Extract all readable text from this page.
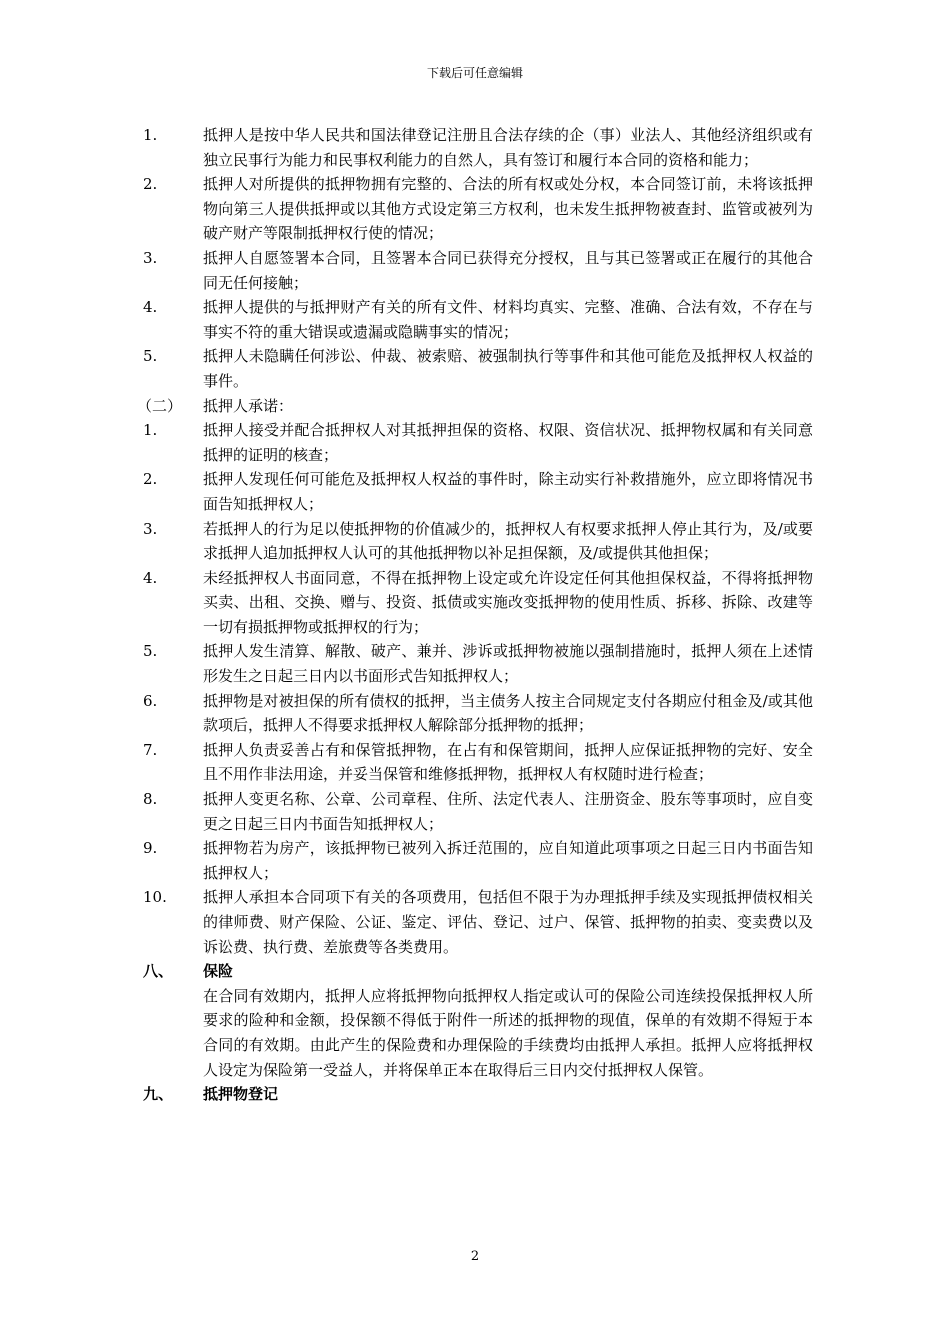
下载后可任意编辑
1.	抵押人是按中华人民共和国法律登记注册且合法存续的企（事）业法人、其他经济组织或有独立民事行为能力和民事权利能力的自然人，具有签订和履行本合同的资格和能力；
2.	抵押人对所提供的抵押物拥有完整的、合法的所有权或处分权，本合同签订前，未将该抵押物向第三人提供抵押或以其他方式设定第三方权利，也未发生抵押物被查封、监管或被列为破产财产等限制抵押权行使的情况；
3.	抵押人自愿签署本合同，且签署本合同已获得充分授权，且与其已签署或正在履行的其他合同无任何接触；
4.	抵押人提供的与抵押财产有关的所有文件、材料均真实、完整、准确、合法有效，不存在与事实不符的重大错误或遗漏或隐瞒事实的情况；
5.	抵押人未隐瞒任何涉讼、仲裁、被索赔、被强制执行等事件和其他可能危及抵押权人权益的事件。
（二）	抵押人承诺：
1.	抵押人接受并配合抵押权人对其抵押担保的资格、权限、资信状况、抵押物权属和有关同意抵押的证明的核查；
2.	抵押人发现任何可能危及抵押权人权益的事件时，除主动实行补救措施外，应立即将情况书面告知抵押权人；
3.	若抵押人的行为足以使抵押物的价值减少的，抵押权人有权要求抵押人停止其行为，及/或要求抵押人追加抵押权人认可的其他抵押物以补足担保额，及/或提供其他担保；
4.	未经抵押权人书面同意，不得在抵押物上设定或允许设定任何其他担保权益，不得将抵押物买卖、出租、交换、赠与、投资、抵债或实施改变抵押物的使用性质、拆移、拆除、改建等一切有损抵押物或抵押权的行为；
5.	抵押人发生清算、解散、破产、兼并、涉诉或抵押物被施以强制措施时，抵押人须在上述情形发生之日起三日内以书面形式告知抵押权人；
6.	抵押物是对被担保的所有债权的抵押，当主债务人按主合同规定支付各期应付租金及/或其他款项后，抵押人不得要求抵押权人解除部分抵押物的抵押；
7.	抵押人负责妥善占有和保管抵押物，在占有和保管期间，抵押人应保证抵押物的完好、安全且不用作非法用途，并妥当保管和维修抵押物，抵押权人有权随时进行检查；
8.	抵押人变更名称、公章、公司章程、住所、法定代表人、注册资金、股东等事项时，应自变更之日起三日内书面告知抵押权人；
9.	抵押物若为房产，该抵押物已被列入拆迁范围的，应自知道此项事项之日起三日内书面告知抵押权人；
10.	抵押人承担本合同项下有关的各项费用，包括但不限于为办理抵押手续及实现抵押债权相关的律师费、财产保险、公证、鉴定、评估、登记、过户、保管、抵押物的拍卖、变卖费以及诉讼费、执行费、差旅费等各类费用。
八、	保险
在合同有效期内，抵押人应将抵押物向抵押权人指定或认可的保险公司连续投保抵押权人所要求的险种和金额，投保额不得低于附件一所述的抵押物的现值，保单的有效期不得短于本合同的有效期。由此产生的保险费和办理保险的手续费均由抵押人承担。抵押人应将抵押权人设定为保险第一受益人，并将保单正本在取得后三日内交付抵押权人保管。
九、	抵押物登记
2
